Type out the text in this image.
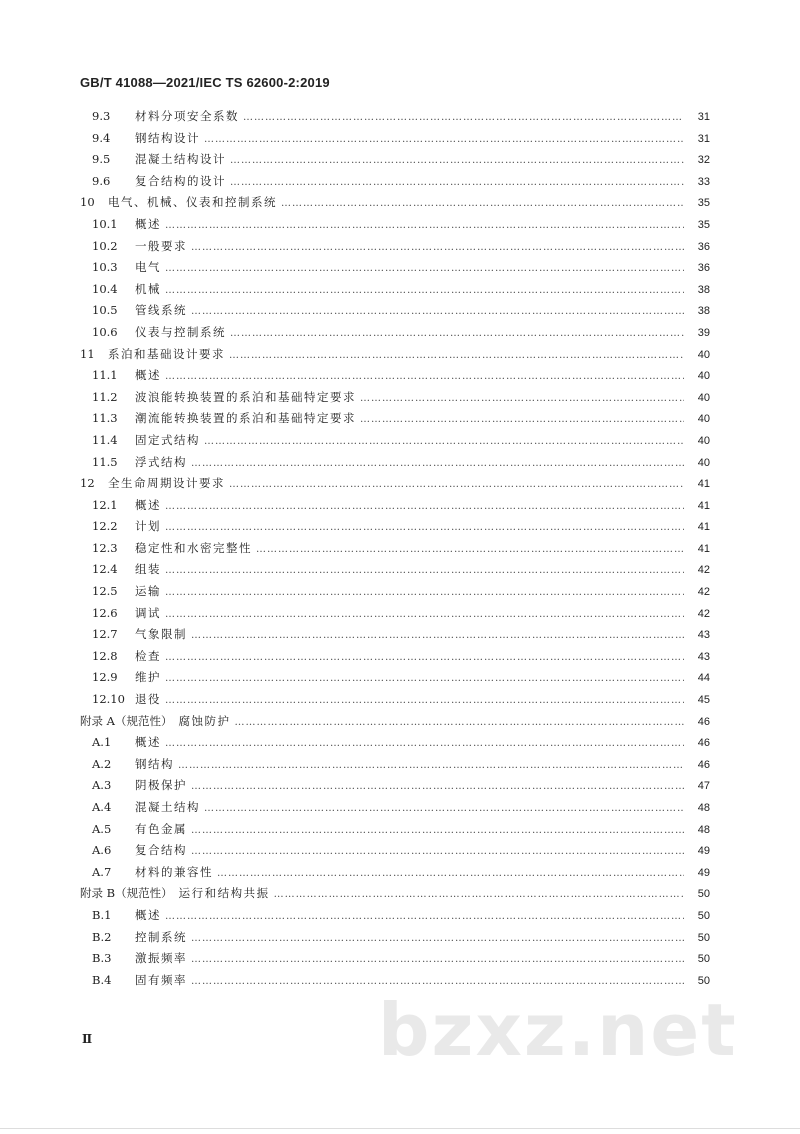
GB/T 41088—2021/IEC TS 62600-2:2019
9.3	材料分项安全系数 ……………………………………………………………………………………………………………………………………………………………………………………	31
9.4	钢结构设计 ……………………………………………………………………………………………………………………………………………………………………………………	31
9.5	混凝土结构设计 ……………………………………………………………………………………………………………………………………………………………………………………	32
9.6	复合结构的设计 ……………………………………………………………………………………………………………………………………………………………………………………	33
10	电气、机械、仪表和控制系统 ……………………………………………………………………………………………………………………………………………………………………………………	35
10.1	概述 ……………………………………………………………………………………………………………………………………………………………………………………	35
10.2	一般要求 ……………………………………………………………………………………………………………………………………………………………………………………	36
10.3	电气 ……………………………………………………………………………………………………………………………………………………………………………………	36
10.4	机械 ……………………………………………………………………………………………………………………………………………………………………………………	38
10.5	管线系统 ……………………………………………………………………………………………………………………………………………………………………………………	38
10.6	仪表与控制系统 ……………………………………………………………………………………………………………………………………………………………………………………	39
11	系泊和基础设计要求 ……………………………………………………………………………………………………………………………………………………………………………………	40
11.1	概述 ……………………………………………………………………………………………………………………………………………………………………………………	40
11.2	波浪能转换装置的系泊和基础特定要求 ……………………………………………………………………………………………………………………………………………………………………………………	40
11.3	潮流能转换装置的系泊和基础特定要求 ……………………………………………………………………………………………………………………………………………………………………………………	40
11.4	固定式结构 ……………………………………………………………………………………………………………………………………………………………………………………	40
11.5	浮式结构 ……………………………………………………………………………………………………………………………………………………………………………………	40
12	全生命周期设计要求 ……………………………………………………………………………………………………………………………………………………………………………………	41
12.1	概述 ……………………………………………………………………………………………………………………………………………………………………………………	41
12.2	计划 ……………………………………………………………………………………………………………………………………………………………………………………	41
12.3	稳定性和水密完整性 ……………………………………………………………………………………………………………………………………………………………………………………	41
12.4	组装 ……………………………………………………………………………………………………………………………………………………………………………………	42
12.5	运输 ……………………………………………………………………………………………………………………………………………………………………………………	42
12.6	调试 ……………………………………………………………………………………………………………………………………………………………………………………	42
12.7	气象限制 ……………………………………………………………………………………………………………………………………………………………………………………	43
12.8	检查 ……………………………………………………………………………………………………………………………………………………………………………………	43
12.9	维护 ……………………………………………………………………………………………………………………………………………………………………………………	44
12.10 退役 ……………………………………………………………………………………………………………………………………………………………………………………	45
附录 A（规范性） 腐蚀防护 ……………………………………………………………………………………………………………………………………………………………………………………	46
A.1	概述 ……………………………………………………………………………………………………………………………………………………………………………………	46
A.2	钢结构 ……………………………………………………………………………………………………………………………………………………………………………………	46
A.3	阴极保护 ……………………………………………………………………………………………………………………………………………………………………………………	47
A.4	混凝土结构 ……………………………………………………………………………………………………………………………………………………………………………………	48
A.5	有色金属 ……………………………………………………………………………………………………………………………………………………………………………………	48
A.6	复合结构 ……………………………………………………………………………………………………………………………………………………………………………………	49
A.7	材料的兼容性 ……………………………………………………………………………………………………………………………………………………………………………………	49
附录 B（规范性） 运行和结构共振 ……………………………………………………………………………………………………………………………………………………………………………………	50
B.1	概述 ……………………………………………………………………………………………………………………………………………………………………………………	50
B.2	控制系统 ……………………………………………………………………………………………………………………………………………………………………………………	50
B.3	激振频率 ……………………………………………………………………………………………………………………………………………………………………………………	50
B.4	固有频率 ……………………………………………………………………………………………………………………………………………………………………………………	50
Ⅱ	bzxz.net
